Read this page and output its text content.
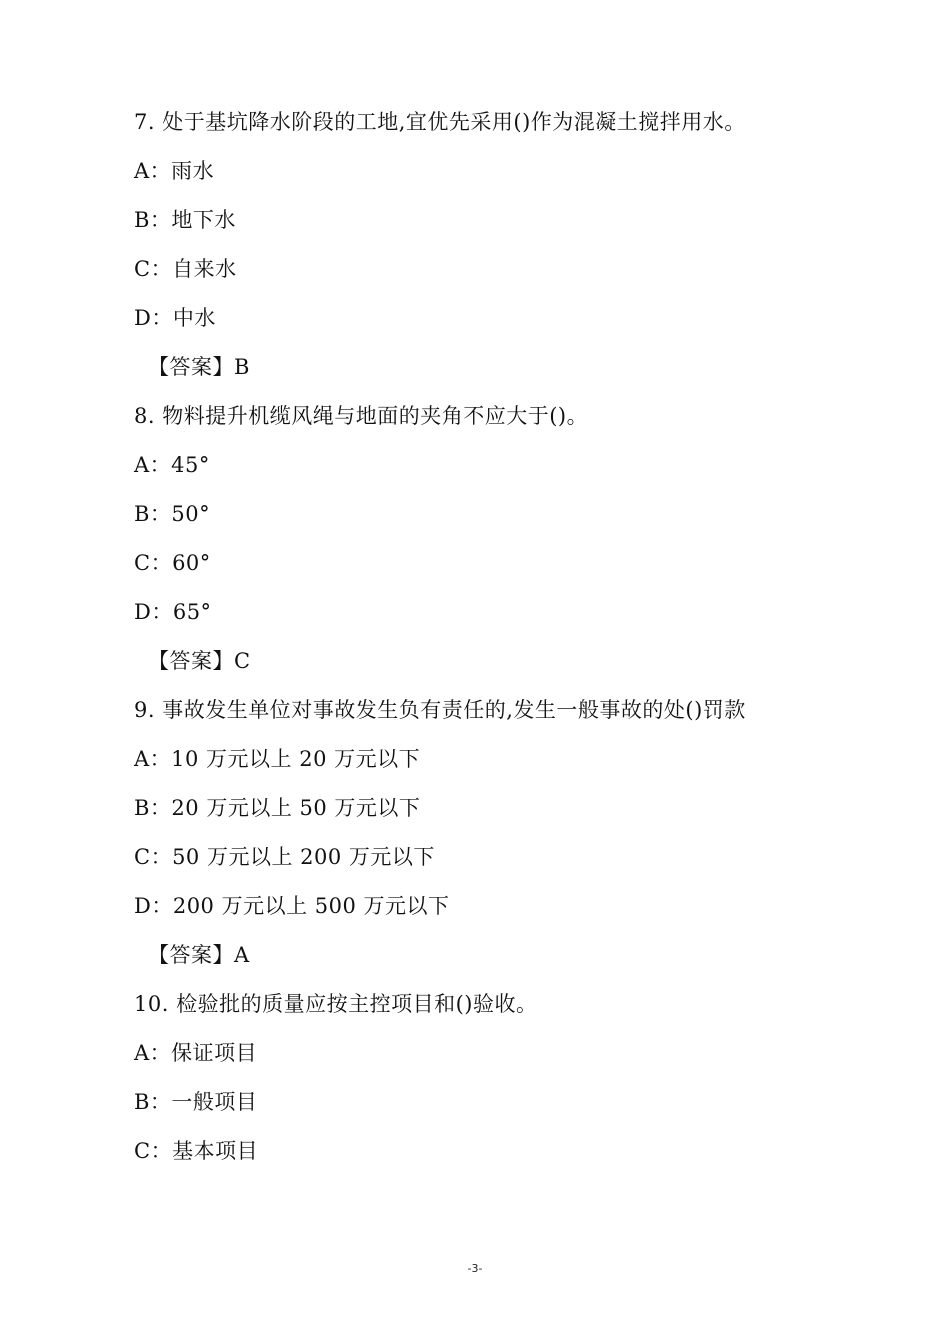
7. 处于基坑降水阶段的工地,宜优先采用()作为混凝土搅拌用水。
A：雨水
B：地下水
C：自来水
D：中水
【答案】B
8. 物料提升机缆风绳与地面的夹角不应大于()。
A：45°
B：50°
C：60°
D：65°
【答案】C
9. 事故发生单位对事故发生负有责任的,发生一般事故的处()罚款
A：10 万元以上 20 万元以下
B：20 万元以上 50 万元以下
C：50 万元以上 200 万元以下
D：200 万元以上 500 万元以下
【答案】A
10. 检验批的质量应按主控项目和()验收。
A：保证项目
B：一般项目
C：基本项目
-3-
